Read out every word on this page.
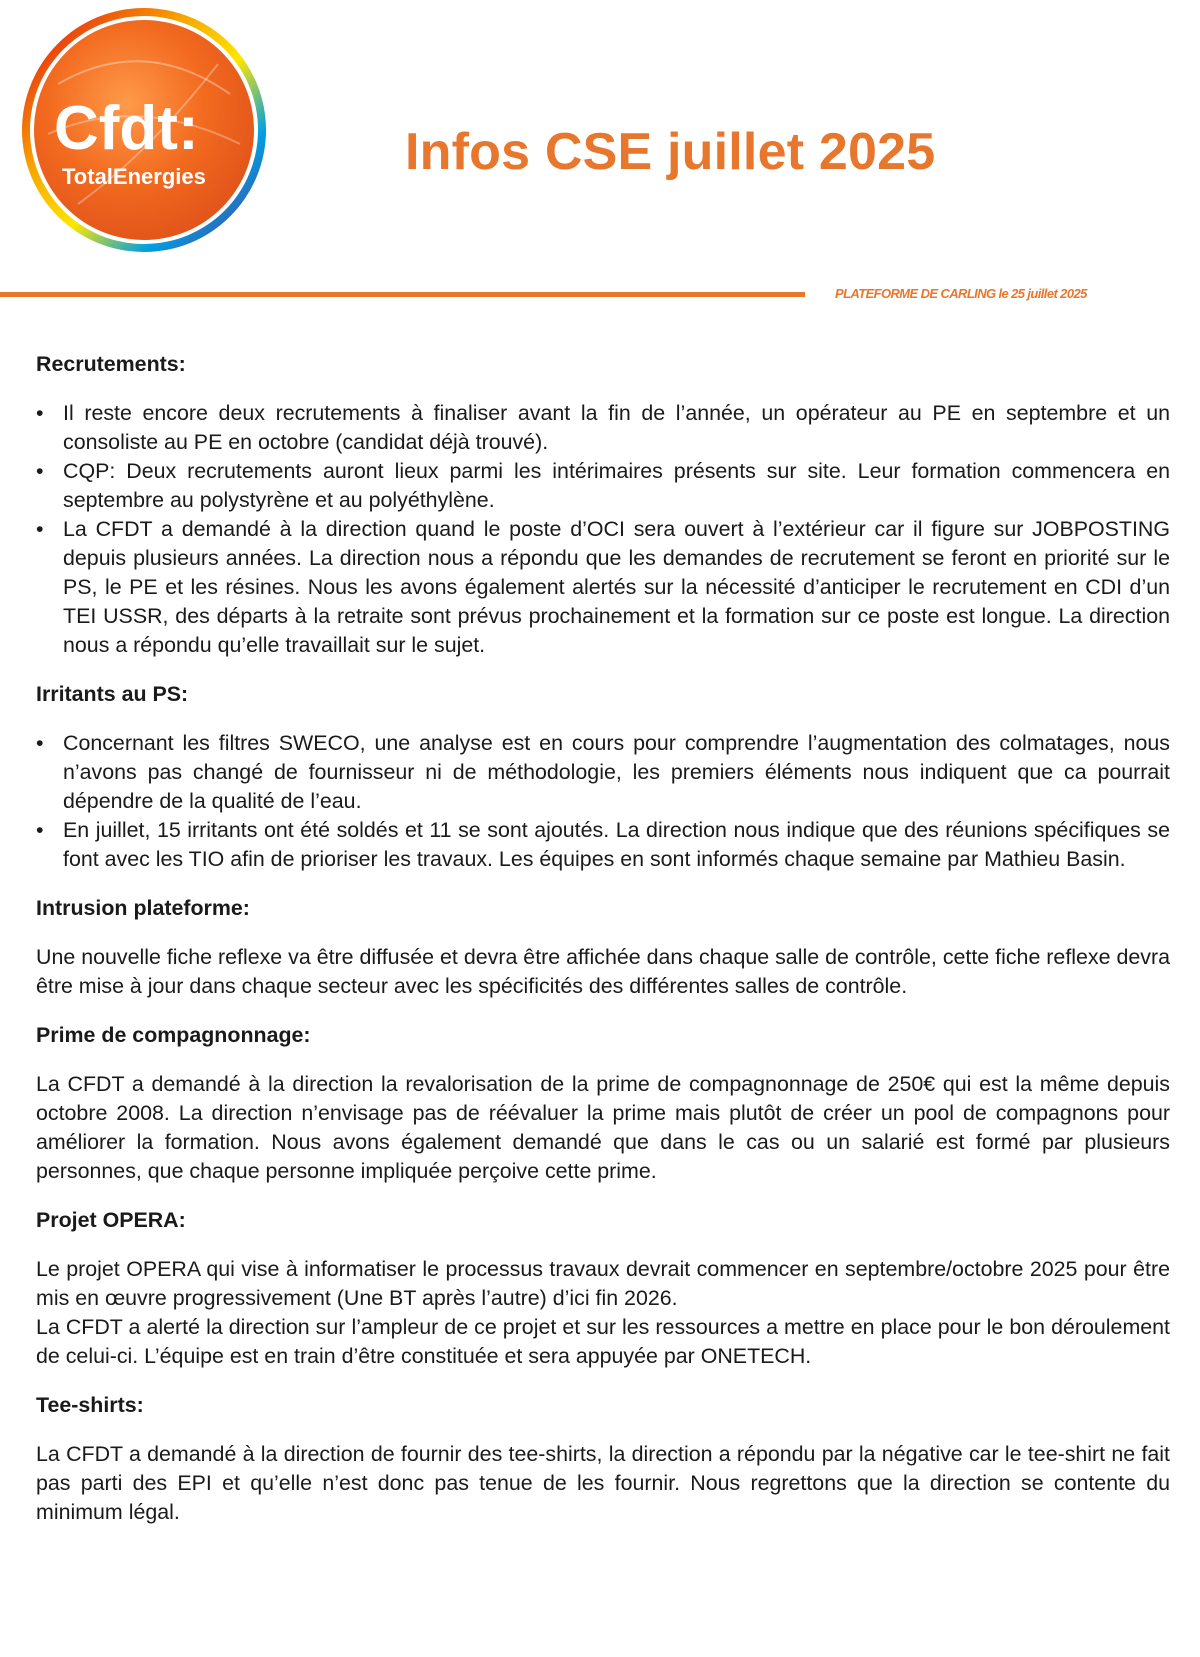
Cfdt:
TotalEnergies	Infos CSE juillet 2025
PLATEFORME DE CARLING le 25 juillet 2025
Recrutements:
• Il reste encore deux recrutements à finaliser avant la fin de l’année, un opérateur au PE en septembre et un consoliste au PE en octobre (candidat déjà trouvé).
• CQP: Deux recrutements auront lieux parmi les intérimaires présents sur site. Leur formation commencera en septembre au polystyrène et au polyéthylène.
• La CFDT a demandé à la direction quand le poste d’OCI sera ouvert à l’extérieur car il figure sur JOBPOSTING depuis plusieurs années. La direction nous a répondu que les demandes de recrutement se feront en priorité sur le PS, le PE et les résines. Nous les avons également alertés sur la nécessité d’anticiper le recrutement en CDI d’un TEI USSR, des départs à la retraite sont prévus prochainement et la formation sur ce poste est longue. La direction nous a répondu qu’elle travaillait sur le sujet.
Irritants au PS:
• Concernant les filtres SWECO, une analyse est en cours pour comprendre l’augmentation des colmatages, nous n’avons pas changé de fournisseur ni de méthodologie, les premiers éléments nous indiquent que ca pourrait dépendre de la qualité de l’eau.
• En juillet, 15 irritants ont été soldés et 11 se sont ajoutés. La direction nous indique que des réunions spécifiques se font avec les TIO afin de prioriser les travaux. Les équipes en sont informés chaque semaine par Mathieu Basin.
Intrusion plateforme:

Une nouvelle fiche reflexe va être diffusée et devra être affichée dans chaque salle de contrôle, cette fiche reflexe devra être mise à jour dans chaque secteur avec les spécificités des différentes salles de contrôle.

Prime de compagnonnage:

La CFDT a demandé à la direction la revalorisation de la prime de compagnonnage de 250€ qui est la même depuis octobre 2008. La direction n’envisage pas de réévaluer la prime mais plutôt de créer un pool de compagnons pour améliorer la formation. Nous avons également demandé que dans le cas ou un salarié est formé par plusieurs personnes, que chaque personne impliquée perçoive cette prime.

Projet OPERA:

Le projet OPERA qui vise à informatiser le processus travaux devrait commencer en septembre/octobre 2025 pour être mis en œuvre progressivement (Une BT après l’autre) d’ici fin 2026.

La CFDT a alerté la direction sur l’ampleur de ce projet et sur les ressources a mettre en place pour le bon déroulement de celui-ci. L’équipe est en train d’être constituée et sera appuyée par ONETECH.

Tee-shirts:

La CFDT a demandé à la direction de fournir des tee-shirts, la direction a répondu par la négative car le tee-shirt ne fait pas parti des EPI et qu’elle n’est donc pas tenue de les fournir. Nous regrettons que la direction se contente du minimum légal.
